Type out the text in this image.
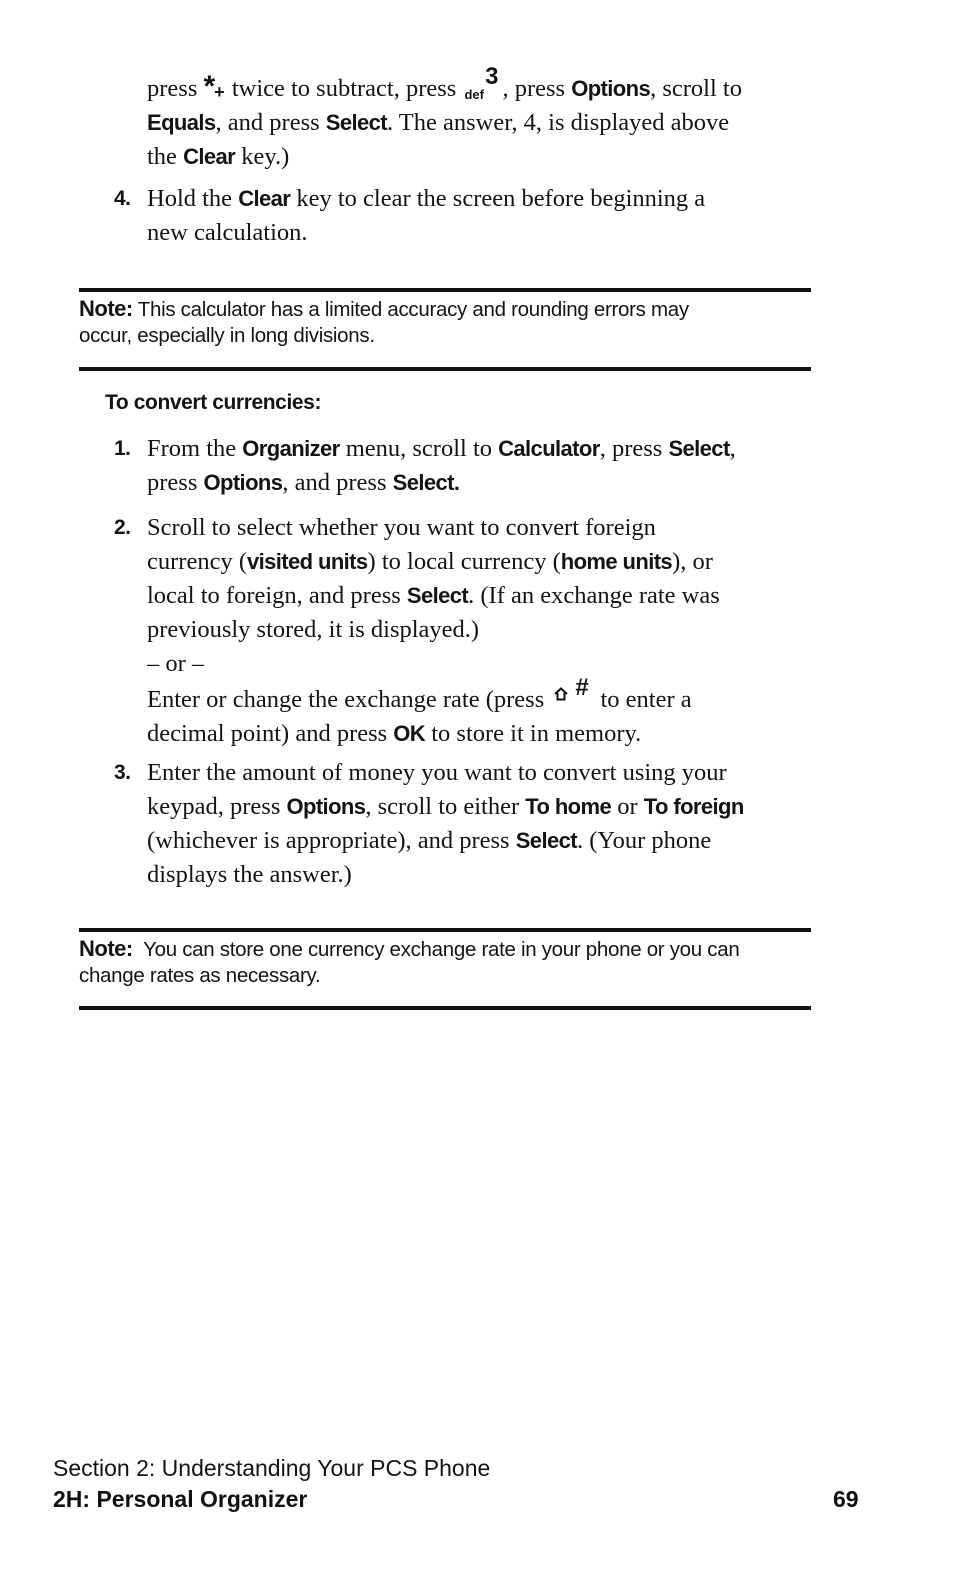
press *+ twice to subtract, press 3
def , press Options, scroll to
Equals, and press Select. The answer, 4, is displayed above
the Clear key.)
4. Hold the Clear key to clear the screen before beginning a
new calculation.
Note: This calculator has a limited accuracy and rounding errors may
occur, especially in long divisions.
To convert currencies:
1. From the Organizer menu, scroll to Calculator, press Select,
press Options, and press Select.
2. Scroll to select whether you want to convert foreign
currency (visited units) to local currency (home units), or
local to foreign, and press Select. (If an exchange rate was
previously stored, it is displayed.)
– or –
Enter or change the exchange rate (press # to enter a
decimal point) and press OK to store it in memory.
3. Enter the amount of money you want to convert using your
keypad, press Options, scroll to either To home or To foreign
(whichever is appropriate), and press Select. (Your phone
displays the answer.)
Note:  You can store one currency exchange rate in your phone or you can
change rates as necessary.
Section 2: Understanding Your PCS Phone
2H: Personal Organizer	69
